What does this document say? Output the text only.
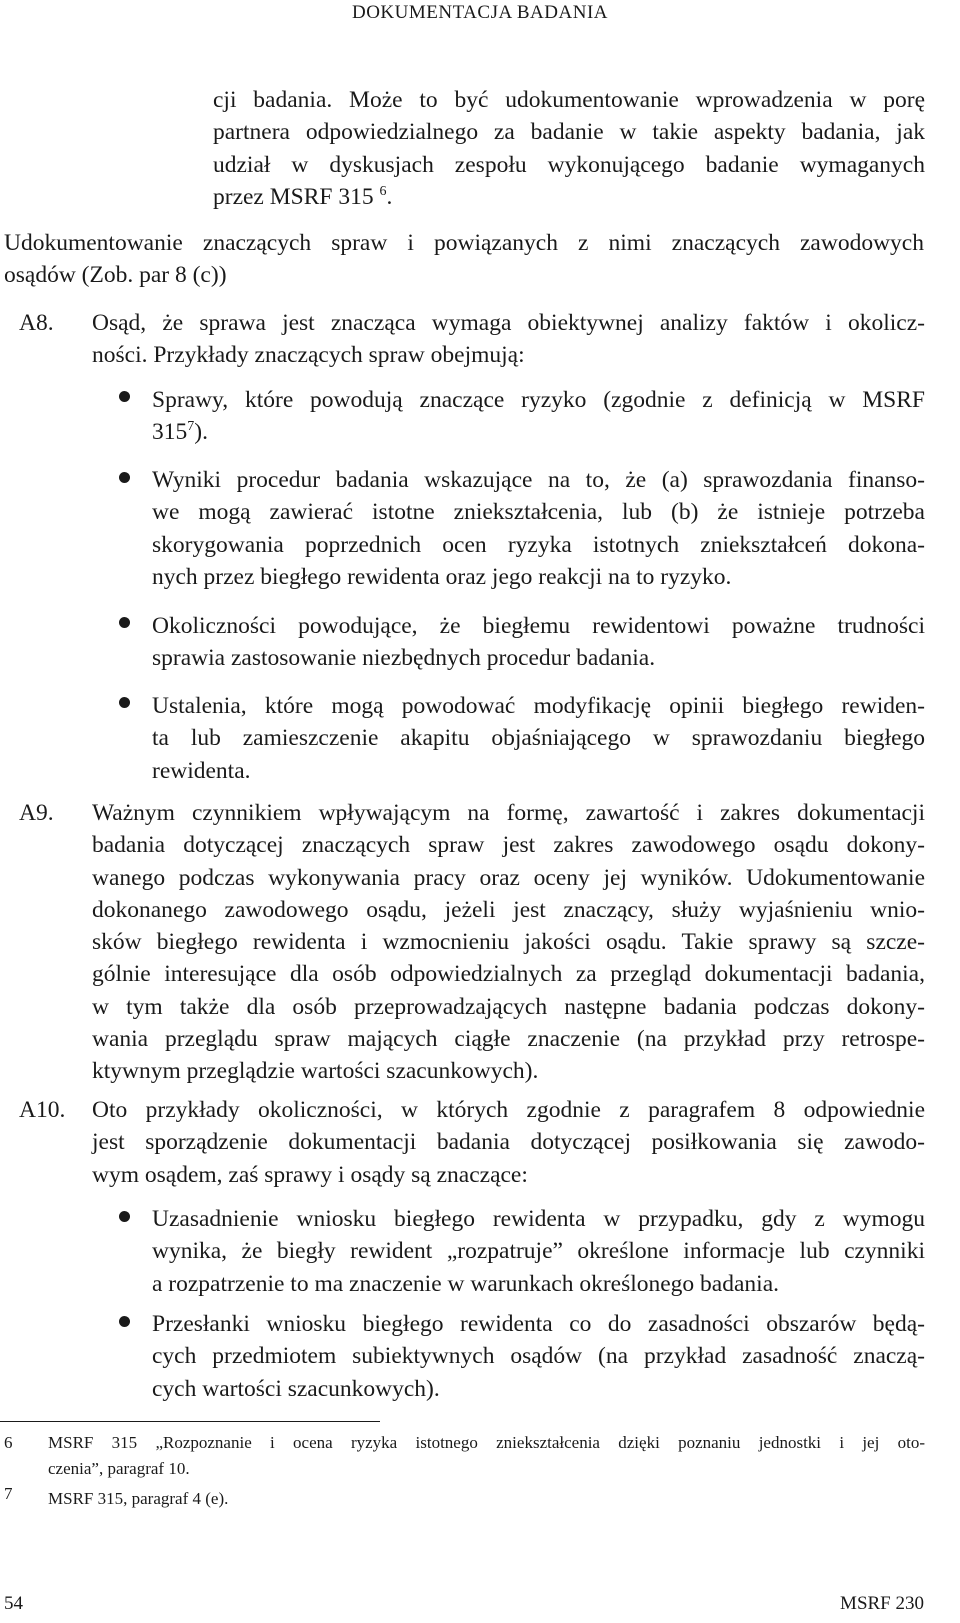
DOKUMENTACJA BADANIA
cji badania. Może to być udokumentowanie wprowadzenia w porę
partnera odpowiedzialnego za badanie w takie aspekty badania, jak
udział w dyskusjach zespołu wykonującego badanie wymaganych
przez MSRF 315 $^6$.
Udokumentowanie znaczących spraw i powiązanych z nimi znaczących zawodowych
osądów (Zob. par 8 (c))
A8. Osąd, że sprawa jest znacząca wymaga obiektywnej analizy faktów i okolicz-
ności. Przykłady znaczących spraw obejmują:
Sprawy, które powodują znaczące ryzyko (zgodnie z definicją w MSRF
$315^7$).
Wyniki procedur badania wskazujące na to, że (a) sprawozdania finanso-
we mogą zawierać istotne zniekształcenia, lub (b) że istnieje potrzeba
skorygowania poprzednich ocen ryzyka istotnych zniekształceń dokona-
nych przez biegłego rewidenta oraz jego reakcji na to ryzyko.
Okoliczności powodujące, że biegłemu rewidentowi poważne trudności
sprawia zastosowanie niezbędnych procedur badania.
Ustalenia, które mogą powodować modyfikację opinii biegłego rewiden-
ta lub zamieszczenie akapitu objaśniającego w sprawozdaniu biegłego
rewidenta.
A9. Ważnym czynnikiem wpływającym na formę, zawartość i zakres dokumentacji
badania dotyczącej znaczących spraw jest zakres zawodowego osądu dokony-
wanego podczas wykonywania pracy oraz oceny jej wyników. Udokumentowanie
dokonanego zawodowego osądu, jeżeli jest znaczący, służy wyjaśnieniu wnio-
sków biegłego rewidenta i wzmocnieniu jakości osądu. Takie sprawy są szcze-
gólnie interesujące dla osób odpowiedzialnych za przegląd dokumentacji badania,
w tym także dla osób przeprowadzających następne badania podczas dokony-
wania przeglądu spraw mających ciągłe znaczenie (na przykład przy retrospe-
ktywnym przeglądzie wartości szacunkowych).
A10. Oto przykłady okoliczności, w których zgodnie z paragrafem 8 odpowiednie
jest sporządzenie dokumentacji badania dotyczącej posiłkowania się zawodo-
wym osądem, zaś sprawy i osądy są znaczące:
Uzasadnienie wniosku biegłego rewidenta w przypadku, gdy z wymogu
wynika, że biegły rewident „rozpatruje” określone informacje lub czynniki
a rozpatrzenie to ma znaczenie w warunkach określonego badania.
Przesłanki wniosku biegłego rewidenta co do zasadności obszarów będą-
cych przedmiotem subiektywnych osądów (na przykład zasadność znaczą-
cych wartości szacunkowych).
6 MSRF 315 „Rozpoznanie i ocena ryzyka istotnego zniekształcenia dzięki poznaniu jednostki i jej oto-
czenia”, paragraf 10.
7 MSRF 315, paragraf 4 (e).
54	MSRF 230
